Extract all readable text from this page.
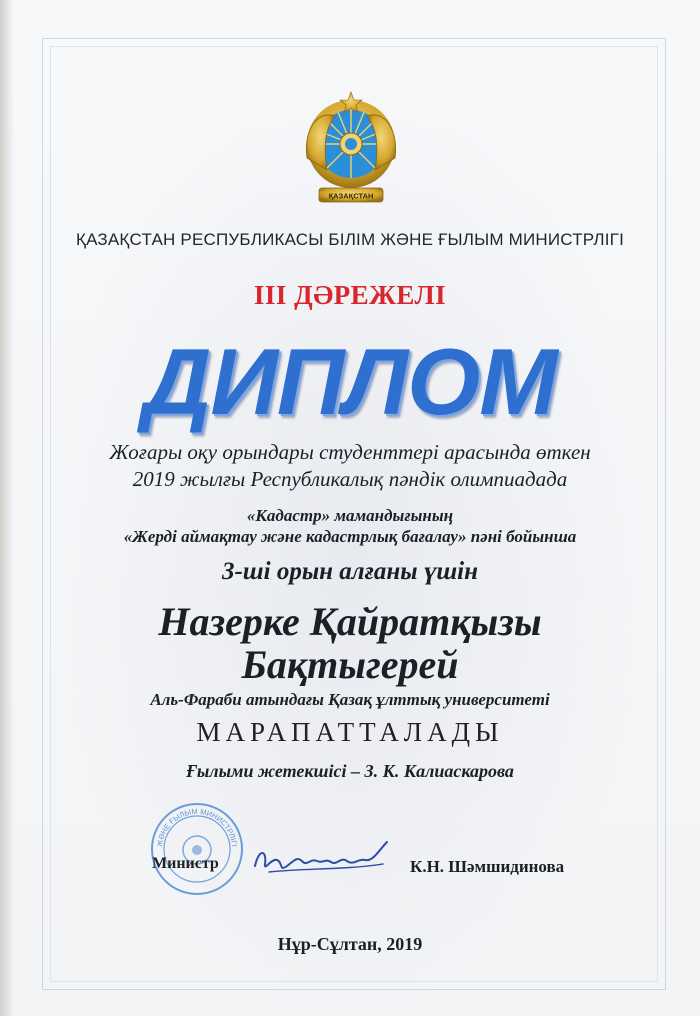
ҚАЗАҚСТАН
ҚАЗАҚСТАН РЕСПУБЛИКАСЫ БІЛІМ ЖӘНЕ ҒЫЛЫМ МИНИСТРЛІГІ
III ДӘРЕЖЕЛІ
ДИПЛОМ
Жоғары оқу орындары студенттері арасында өткен
2019 жылғы Республикалық пәндік олимпиадада
«Кадастр» мамандығының
«Жерді аймақтау және кадастрлық бағалау» пәні бойынша
3-ші орын алғаны үшін
Назерке Қайратқызы
Бақтыгерей
Аль-Фараби атындағы Қазақ ұлттық университеті
МАРАПАТТАЛАДЫ
Ғылыми жетекшісі – З. К. Калиаскарова
ЖӘНЕ ҒЫЛЫМ МИНИСТРЛІГІ
Министр	К.Н. Шәмшидинова
Нұр-Сұлтан, 2019
